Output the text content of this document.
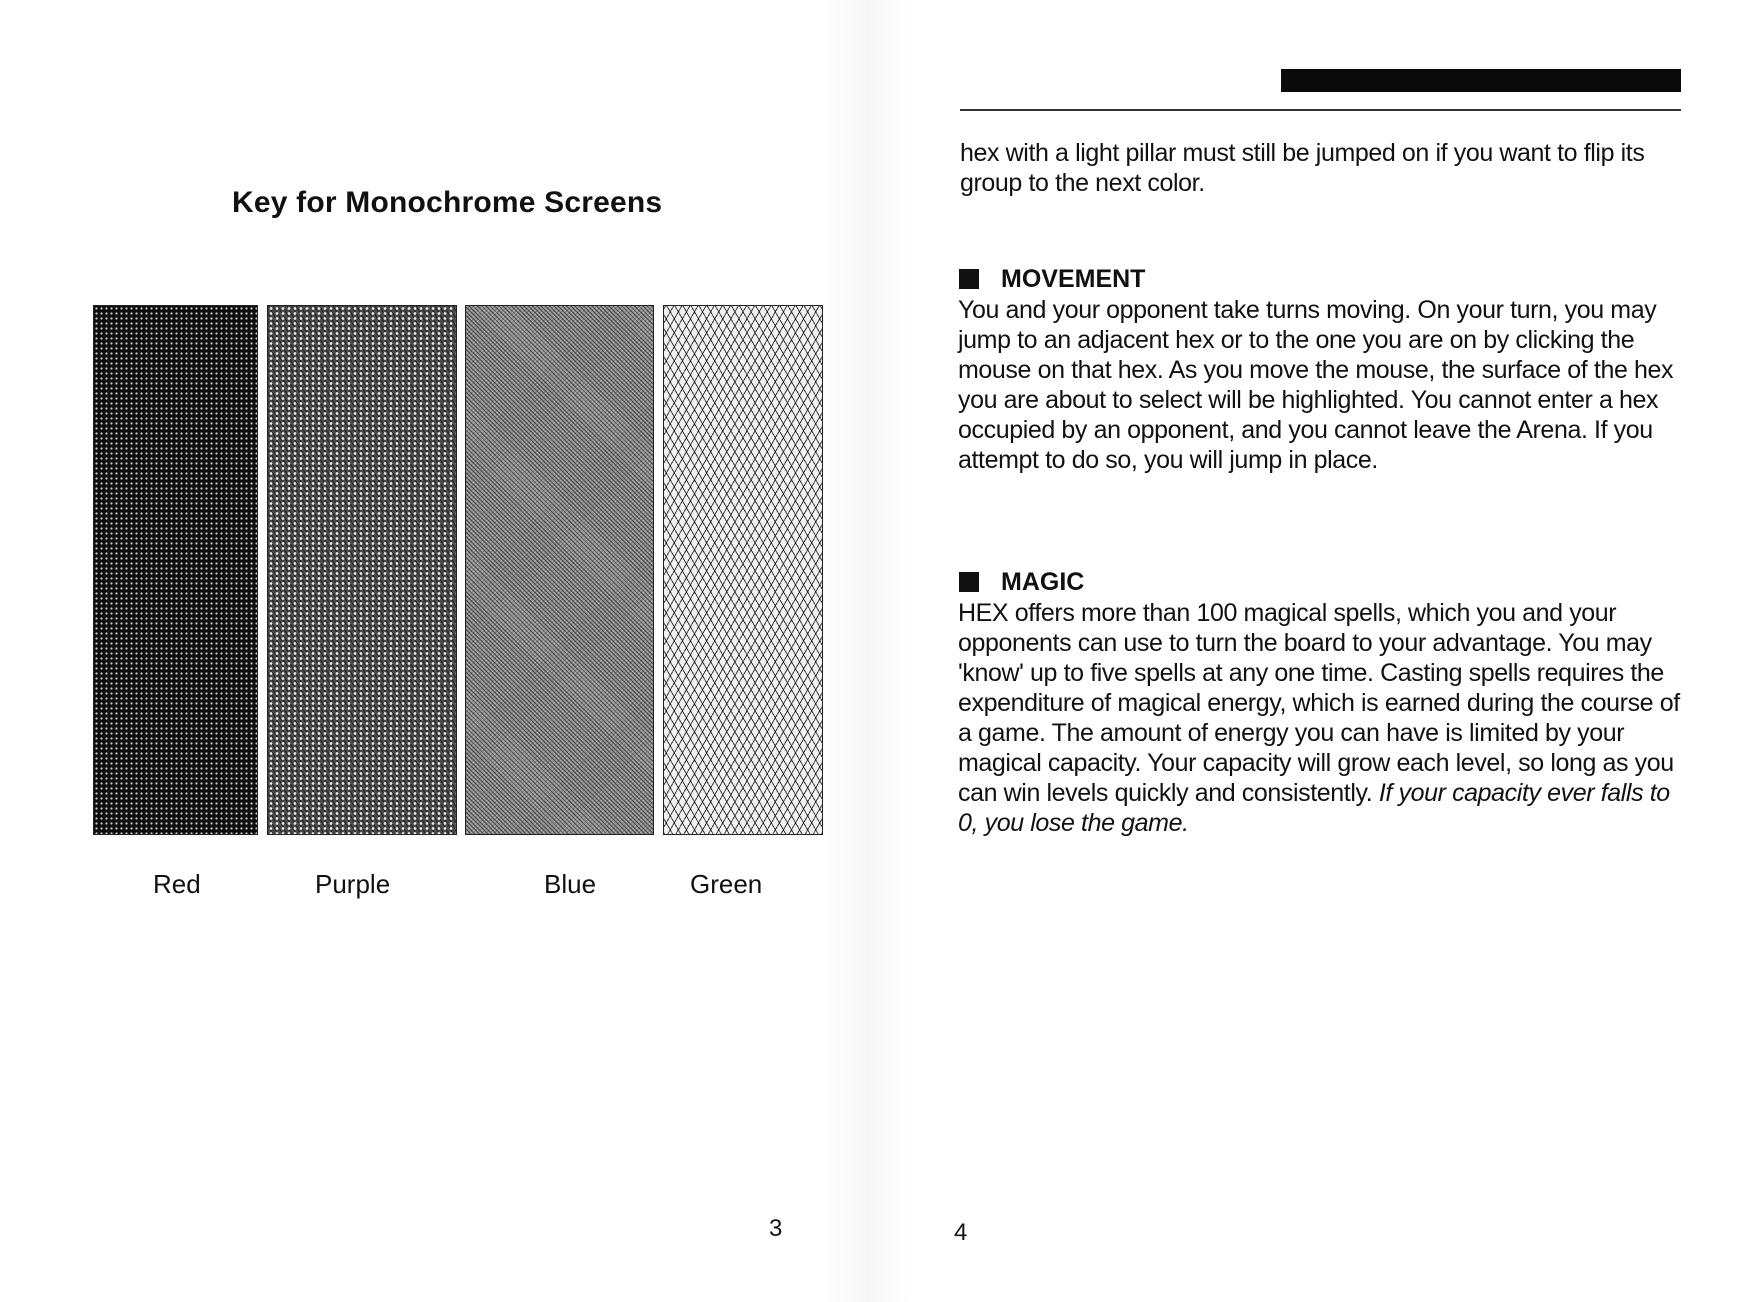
Key for Monochrome Screens
Red	Purple	Blue	Green
3
hex with a light pillar must still be jumped on if you want to flip its group to the next color.
MOVEMENT
You and your opponent take turns moving. On your turn, you may jump to an adjacent hex or to the one you are on by clicking the mouse on that hex. As you move the mouse, the surface of the hex you are about to select will be highlighted. You cannot enter a hex occupied by an opponent, and you cannot leave the Arena. If you attempt to do so, you will jump in place.
MAGIC
HEX offers more than 100 magical spells, which you and your opponents can use to turn the board to your advantage. You may 'know' up to five spells at any one time. Casting spells requires the expenditure of magical energy, which is earned during the course of a game. The amount of energy you can have is limited by your magical capacity. Your capacity will grow each level, so long as you can win levels quickly and consistently. If your capacity ever falls to 0, you lose the game.
4
